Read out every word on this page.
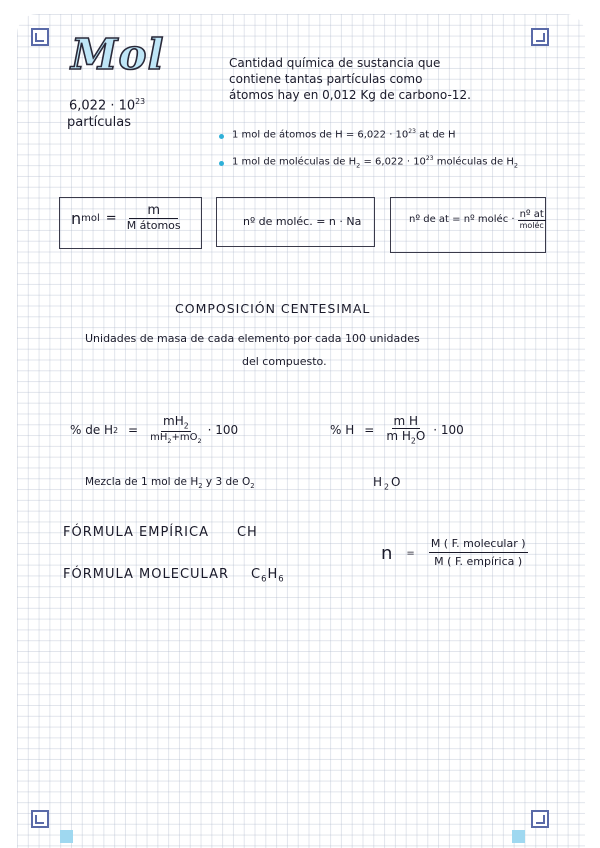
Mol
$6,022 \cdot 10^{23}$
partículas
Cantidad química de sustancia que
contiene tantas partículas como
átomos hay en 0,012 Kg de carbono-12.
1 mol de átomos de $H = 6,022 \cdot 10^{23}$ at de H
1 mol de moléculas de $H_2 = 6,022 \cdot 10^{23}$ moléculas de $H_2$
n mol = $\frac{m}{\text{M átomos}}$	nº de moléc. = n · Na	nº de at = nº moléc · $\frac{\text{nº at}}{\text{moléc}}$
COMPOSICIÓN CENTESIMAL
Unidades de masa de cada elemento por cada 100 unidades
del compuesto.
% de H $2 = \frac{mH_2}{mH_2+mO_2} \cdot 100$	% $H = \frac{\text{m H}}{m H_2O} \cdot 100$
Mezcla de 1 mol de $H_2$ y 3 de $O_2$	$H_2O$
FÓRMULA EMPÍRICA CH
FÓRMULA MOLECULAR $C_6H_6$
$n = \frac{\text{M ( F. molecular )}}{\text{M ( F. empírica )}}$
